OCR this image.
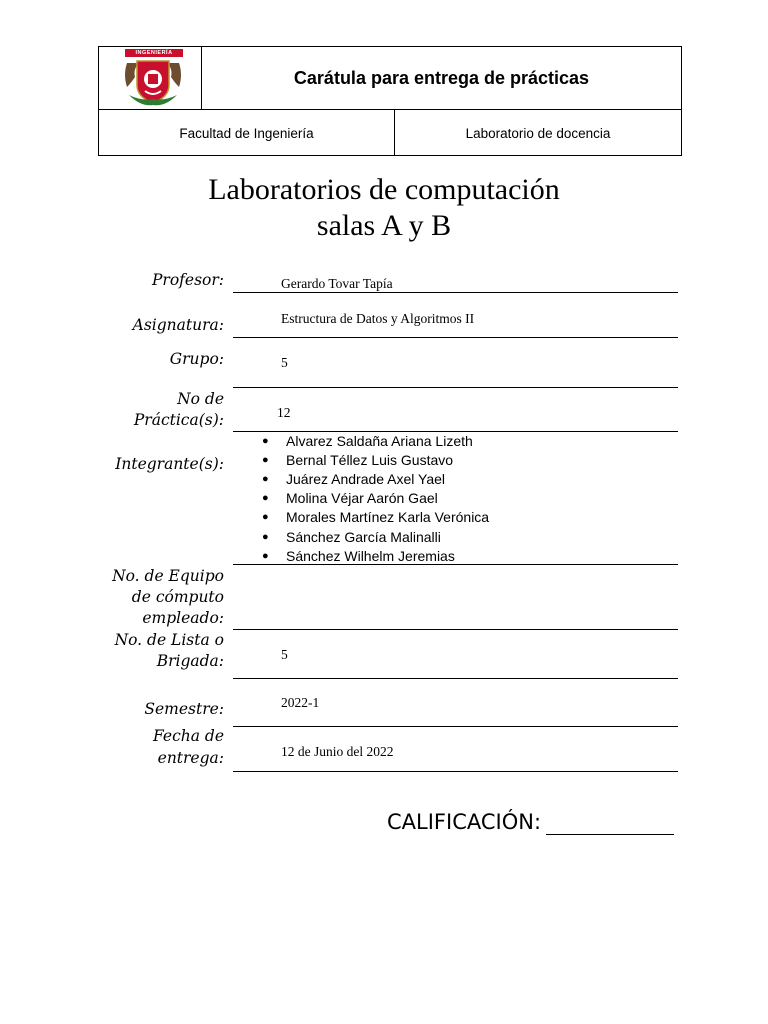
INGENIERÍA
Carátula para entrega de prácticas
Facultad de Ingeniería	Laboratorio de docencia
Laboratorios de computación
salas A y B
Profesor:	Gerardo Tovar Tapía
Asignatura:	Estructura de Datos y Algoritmos II
Grupo:	5
No de
Práctica(s):	12
Integrante(s):
●	Alvarez Saldaña Ariana Lizeth
●	Bernal Téllez Luis Gustavo
●	Juárez Andrade Axel Yael
●	Molina Véjar Aarón Gael
●	Morales Martínez Karla Verónica
●	Sánchez García Malinalli
●	Sánchez Wilhelm Jeremias
No. de Equipo
de cómputo
empleado:
No. de Lista o
Brigada:	5
Semestre:	2022-1
Fecha de
entrega:	12 de Junio del 2022
CALIFICACIÓN:
